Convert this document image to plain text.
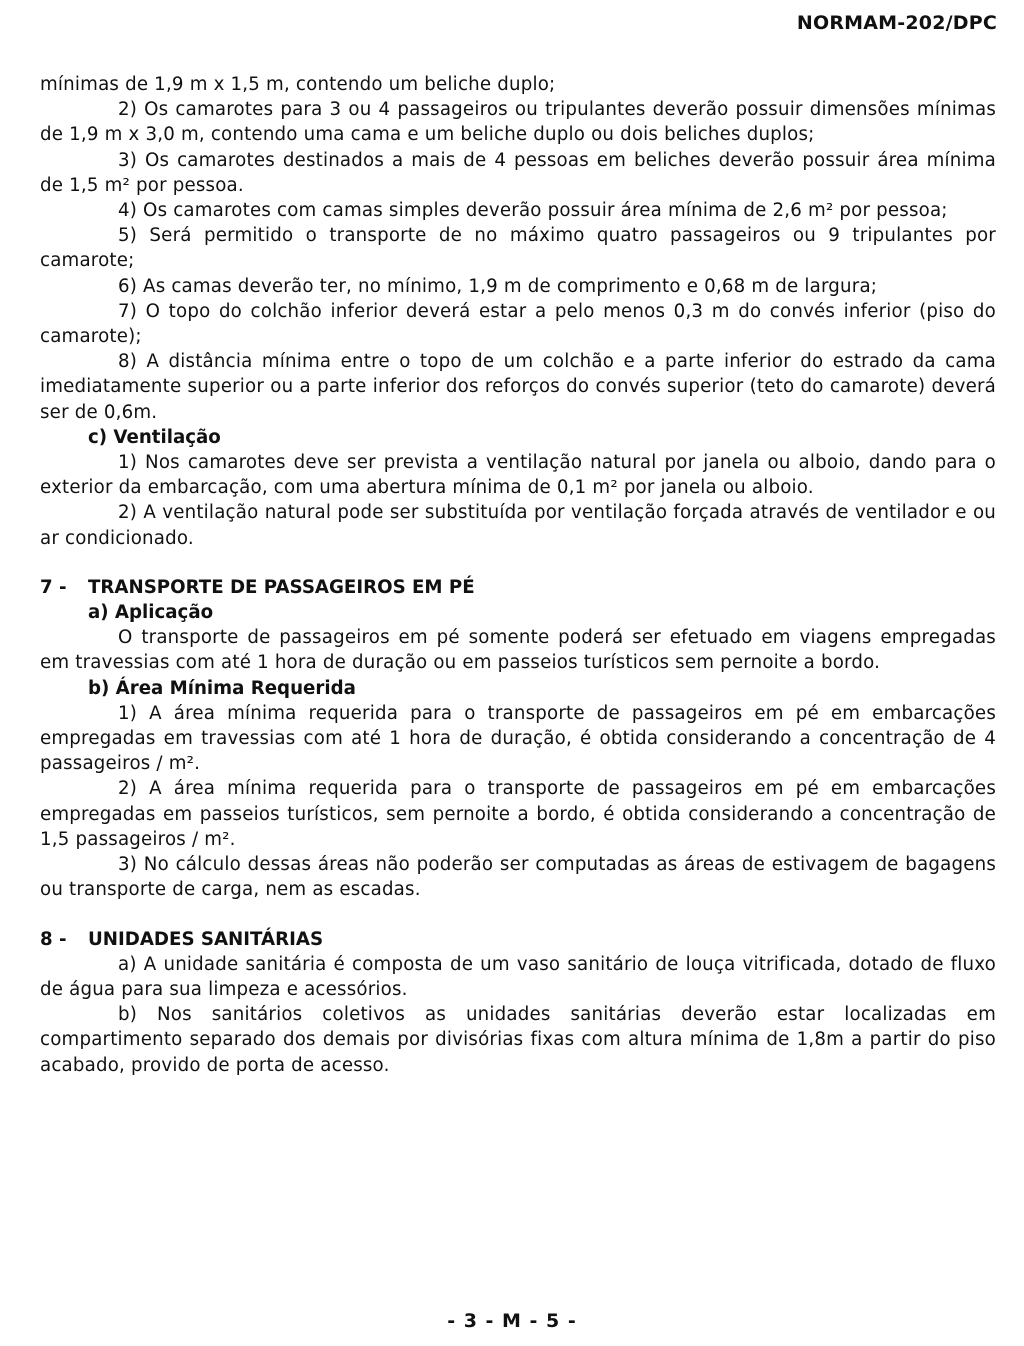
NORMAM-202/DPC

mínimas de 1,9 m x 1,5 m, contendo um beliche duplo;

2) Os camarotes para 3 ou 4 passageiros ou tripulantes deverão possuir dimensões mínimas de 1,9 m x 3,0 m, contendo uma cama e um beliche duplo ou dois beliches duplos;

3) Os camarotes destinados a mais de 4 pessoas em beliches deverão possuir área mínima de 1,5 m² por pessoa.

4) Os camarotes com camas simples deverão possuir área mínima de 2,6 m² por pessoa;

5) Será permitido o transporte de no máximo quatro passageiros ou 9 tripulantes por camarote;

6) As camas deverão ter, no mínimo, 1,9 m de comprimento e 0,68 m de largura;

7) O topo do colchão inferior deverá estar a pelo menos 0,3 m do convés inferior (piso do camarote);

8) A distância mínima entre o topo de um colchão e a parte inferior do estrado da cama imediatamente superior ou a parte inferior dos reforços do convés superior (teto do camarote) deverá ser de 0,6m.

c) Ventilação

1) Nos camarotes deve ser prevista a ventilação natural por janela ou alboio, dando para o exterior da embarcação, com uma abertura mínima de 0,1 m² por janela ou alboio.

2) A ventilação natural pode ser substituída por ventilação forçada através de ventilador e ou ar condicionado.

7 -	TRANSPORTE DE PASSAGEIROS EM PÉ

a) Aplicação

O transporte de passageiros em pé somente poderá ser efetuado em viagens empregadas em travessias com até 1 hora de duração ou em passeios turísticos sem pernoite a bordo.

b) Área Mínima Requerida

1) A área mínima requerida para o transporte de passageiros em pé em embarcações empregadas em travessias com até 1 hora de duração, é obtida considerando a concentração de 4 passageiros / m².

2) A área mínima requerida para o transporte de passageiros em pé em embarcações empregadas em passeios turísticos, sem pernoite a bordo, é obtida considerando a concentração de 1,5 passageiros / m².

3) No cálculo dessas áreas não poderão ser computadas as áreas de estivagem de bagagens ou transporte de carga, nem as escadas.

8 -	UNIDADES SANITÁRIAS

a) A unidade sanitária é composta de um vaso sanitário de louça vitrificada, dotado de fluxo de água para sua limpeza e acessórios.

b) Nos sanitários coletivos as unidades sanitárias deverão estar localizadas em compartimento separado dos demais por divisórias fixas com altura mínima de 1,8m a partir do piso acabado, provido de porta de acesso.

- 3 - M - 5 -
